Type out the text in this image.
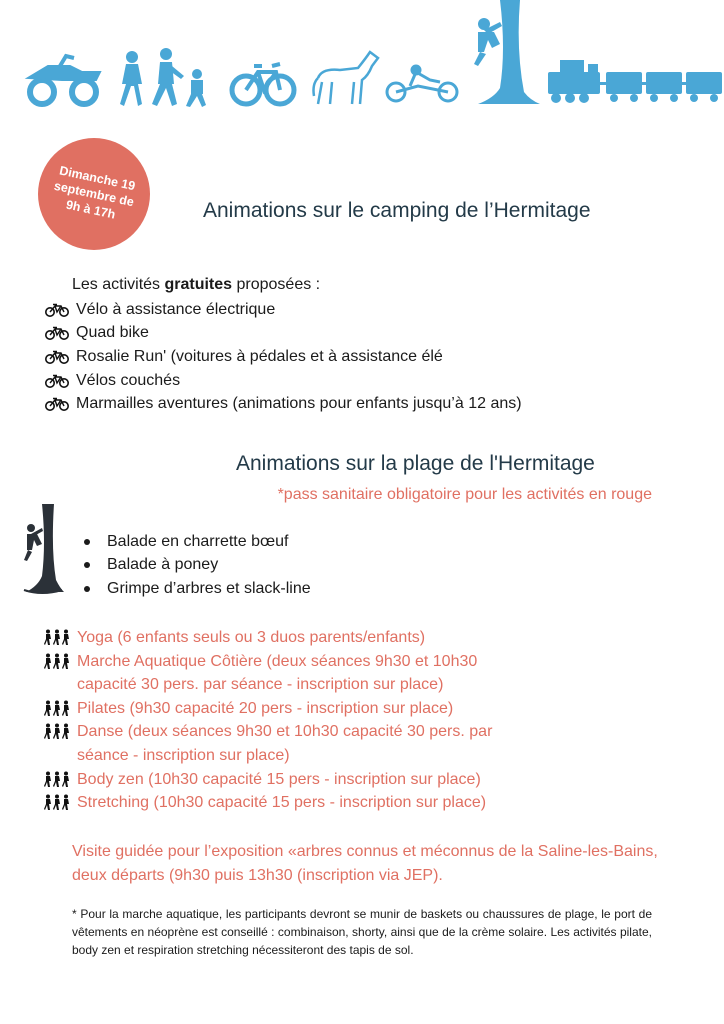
Dimanche 19
septembre de
9h à 17h	Animations sur le camping de l’Hermitage
Les activités gratuites proposées :
Vélo à assistance électrique
Quad bike
Rosalie Run' (voitures à pédales et à assistance élé
Vélos couchés
Marmailles aventures (animations pour enfants jusqu’à 12 ans)
Animations sur la plage de l'Hermitage
*pass sanitaire obligatoire pour les activités en rouge
Balade en charrette bœuf
Balade à poney
Grimpe d’arbres et slack-line
Yoga (6 enfants seuls ou 3 duos parents/enfants)
Marche Aquatique Côtière (deux séances 9h30 et 10h30
capacité 30 pers. par séance - inscription sur place)
Pilates (9h30 capacité 20 pers - inscription sur place)
Danse (deux séances 9h30 et 10h30 capacité 30 pers. par
séance - inscription sur place)
Body zen (10h30 capacité 15 pers - inscription sur place)
Stretching (10h30 capacité 15 pers - inscription sur place)
Visite guidée pour l’exposition «arbres connus et méconnus de la Saline-les-Bains, deux départs (9h30 puis 13h30 (inscription via JEP).
* Pour la marche aquatique, les participants devront se munir de baskets ou chaussures de plage, le port de vêtements en néoprène est conseillé : combinaison, shorty, ainsi que de la crème solaire. Les activités pilate, body zen et respiration stretching nécessiteront des tapis de sol.
